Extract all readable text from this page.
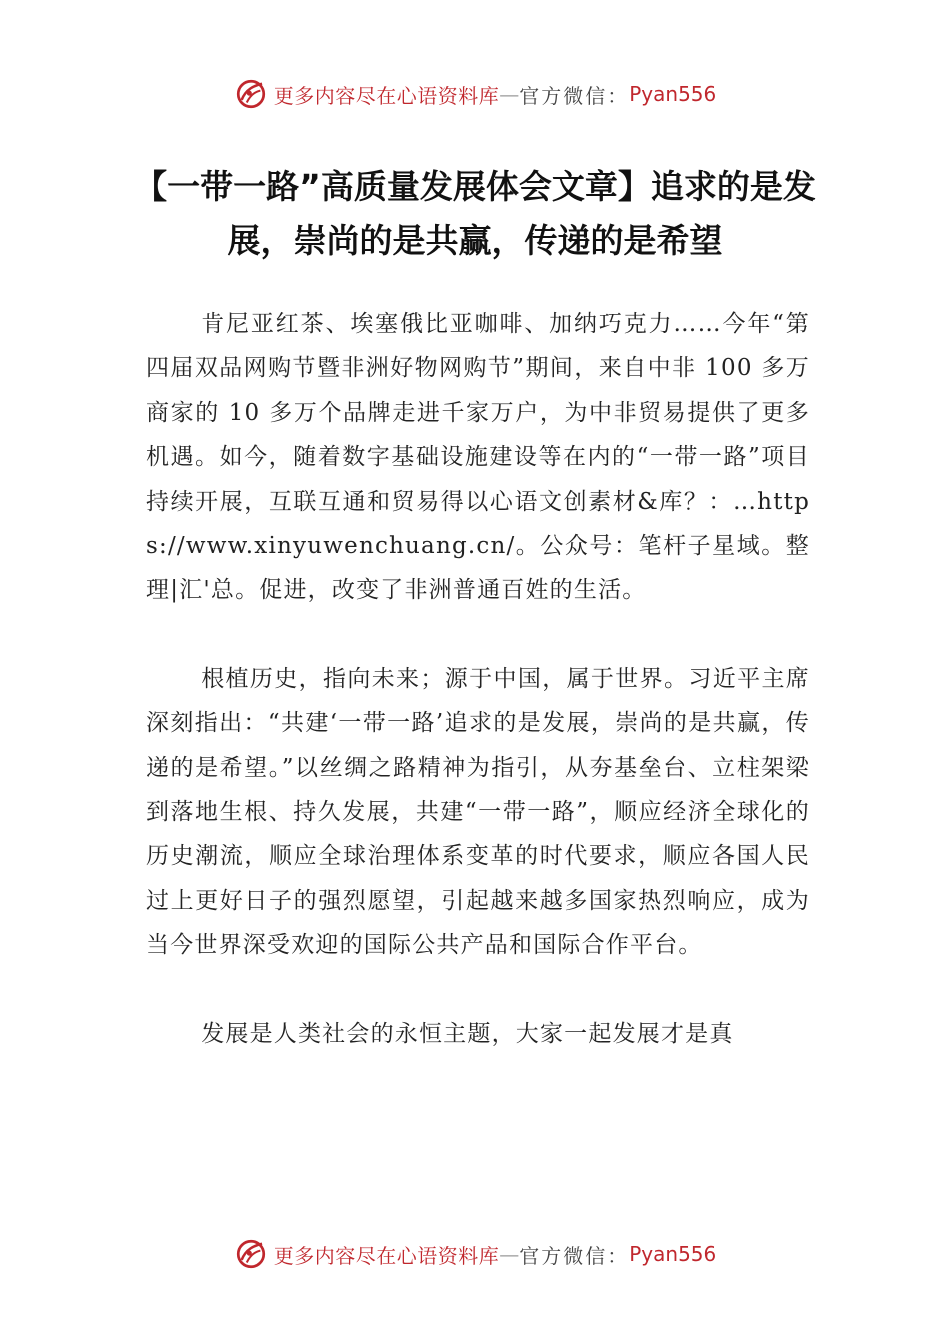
更多内容尽在心语资料库 — 官方微信： Pyan556
【一带一路”高质量发展体会文章】追求的是发展，崇尚的是共赢，传递的是希望

肯尼亚红茶、埃塞俄比亚咖啡、加纳巧克力……今年“第四届双品网购节暨非洲好物网购节”期间，来自中非 100 多万商家的 10 多万个品牌走进千家万户，为中非贸易提供了更多机遇。如今，随着数字基础设施建设等在内的“一带一路”项目持续开展，互联互通和贸易得以心语文创素材&库？：…https://www.xinyuwenchuang.cn/。公众号：笔杆子星域。整理|汇'总。促进，改变了非洲普通百姓的生活。

根植历史，指向未来；源于中国，属于世界。习近平主席深刻指出：“共建‘一带一路’追求的是发展，崇尚的是共赢，传递的是希望。”以丝绸之路精神为指引，从夯基垒台、立柱架梁到落地生根、持久发展，共建“一带一路”，顺应经济全球化的历史潮流，顺应全球治理体系变革的时代要求，顺应各国人民过上更好日子的强烈愿望，引起越来越多国家热烈响应，成为当今世界深受欢迎的国际公共产品和国际合作平台。

发展是人类社会的永恒主题，大家一起发展才是真

更多内容尽在心语资料库 — 官方微信： Pyan556
